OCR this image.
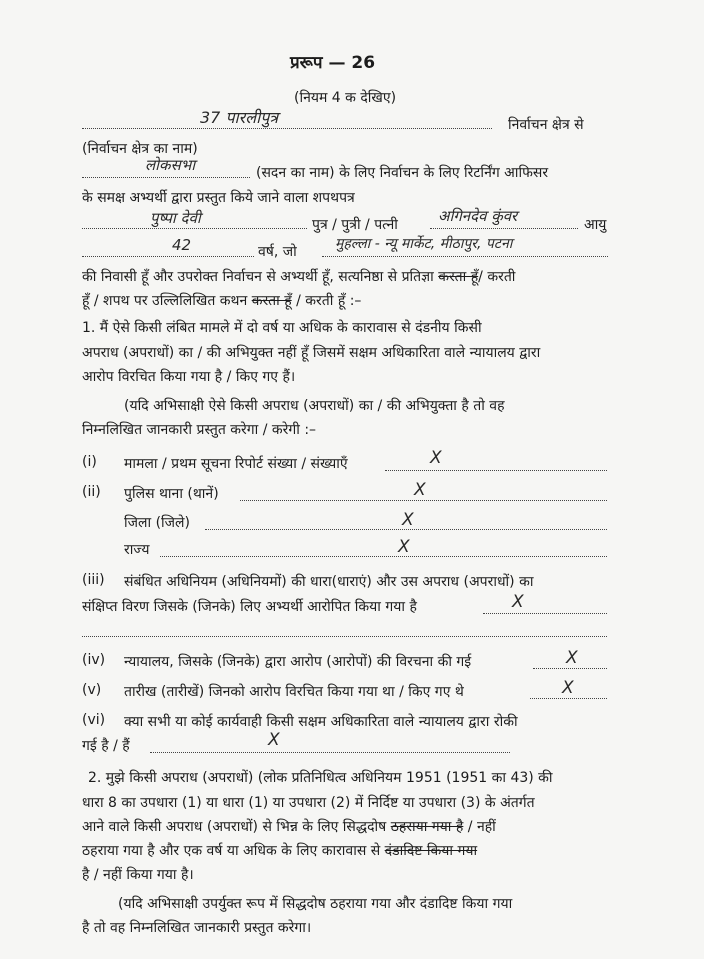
प्ररूप — 26
(नियम 4 क देखिए)
37 पारलीपुत्र	निर्वाचन क्षेत्र से
(निर्वाचन क्षेत्र का नाम)
लोकसभा	(सदन का नाम) के लिए निर्वाचन के लिए रिटर्निंग आफिसर
के समक्ष अभ्यर्थी द्वारा प्रस्तुत किये जाने वाला शपथपत्र
पुष्पा देवी	पुत्र / पुत्री / पत्नी	अगिनदेव कुंवर	आयु
42	वर्ष, जो	मुहल्ला - न्यू मार्केट, मीठापुर, पटना
की निवासी हूँ और उपरोक्त निर्वाचन से अभ्यर्थी हूँ, सत्यनिष्ठा से प्रतिज्ञा करता हूँ/ करती
हूँ / शपथ पर उल्लिलिखित कथन करता हूँ / करती हूँ :–
1. मैं ऐसे किसी लंबित मामले में दो वर्ष या अधिक के कारावास से दंडनीय किसी
अपराध (अपराधों) का / की अभियुक्त नहीं हूँ जिसमें सक्षम अधिकारिता वाले न्यायालय द्वारा
आरोप विरचित किया गया है / किए गए हैं।
(यदि अभिसाक्षी ऐसे किसी अपराध (अपराधों) का / की अभियुक्ता है तो वह
निम्नलिखित जानकारी प्रस्तुत करेगा / करेगी :–
(i) मामला / प्रथम सूचना रिपोर्ट संख्या / संख्याएँ	X
(ii) पुलिस थाना (थानें)	X
जिला (जिले)	X
राज्य	X
(iii) संबंधित अधिनियम (अधिनियमों) की धारा(धाराएं) और उस अपराध (अपराधों) का
संक्षिप्त विरण जिसके (जिनके) लिए अभ्यर्थी आरोपित किया गया है	X
(iv) न्यायालय, जिसके (जिनके) द्वारा आरोप (आरोपों) की विरचना की गई	X
(v) तारीख (तारीखें) जिनको आरोप विरचित किया गया था / किए गए थे	X
(vi) क्या सभी या कोई कार्यवाही किसी सक्षम अधिकारिता वाले न्यायालय द्वारा रोकी
गई है / हैं	X
2. मुझे किसी अपराध (अपराधों) (लोक प्रतिनिधित्व अधिनियम 1951 (1951 का 43) की
धारा 8 का उपधारा (1) या धारा (1) या उपधारा (2) में निर्दिष्ट या उपधारा (3) के अंतर्गत
आने वाले किसी अपराध (अपराधों) से भिन्न के लिए सिद्धदोष ठहराया गया है / नहीं
ठहराया गया है और एक वर्ष या अधिक के लिए कारावास से दंडादिष्ट किया गया
है / नहीं किया गया है।
(यदि अभिसाक्षी उपर्युक्त रूप में सिद्धदोष ठहराया गया और दंडादिष्ट किया गया
है तो वह निम्नलिखित जानकारी प्रस्तुत करेगा।
